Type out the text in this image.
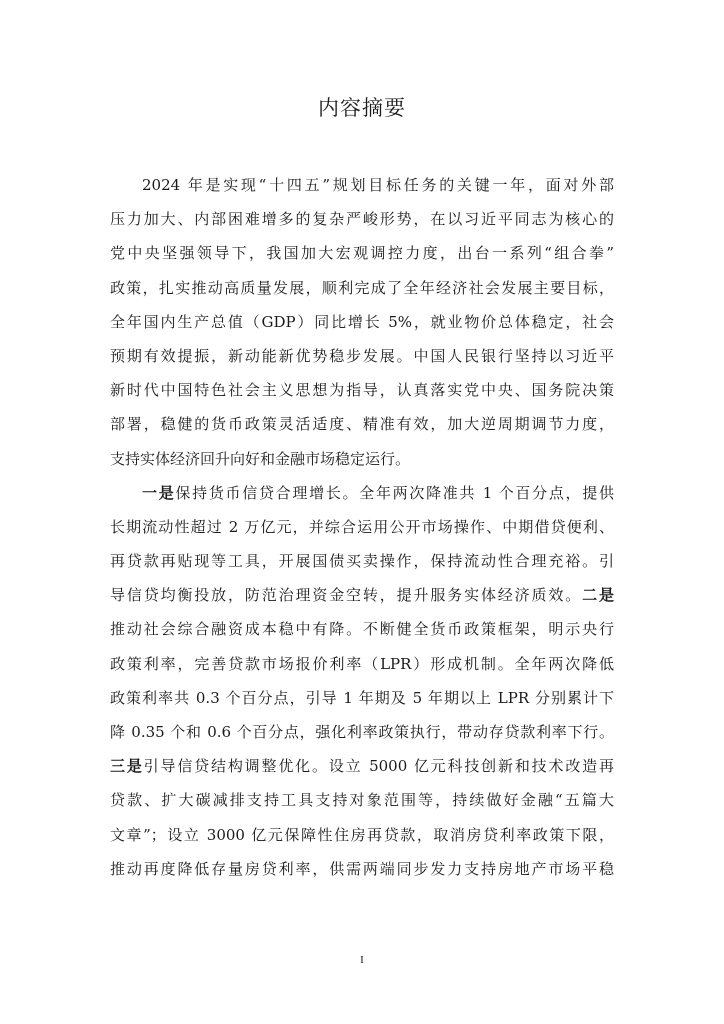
内容摘要
2024 年是实现“十四五”规划目标任务的关键一年，面对外部
压力加大、内部困难增多的复杂严峻形势，在以习近平同志为核心的
党中央坚强领导下，我国加大宏观调控力度，出台一系列“组合拳”
政策，扎实推动高质量发展，顺利完成了全年经济社会发展主要目标，
全年国内生产总值（GDP）同比增长 5%，就业物价总体稳定，社会
预期有效提振，新动能新优势稳步发展。中国人民银行坚持以习近平
新时代中国特色社会主义思想为指导，认真落实党中央、国务院决策
部署，稳健的货币政策灵活适度、精准有效，加大逆周期调节力度，
支持实体经济回升向好和金融市场稳定运行。
一是保持货币信贷合理增长。全年两次降准共 1 个百分点，提供
长期流动性超过 2 万亿元，并综合运用公开市场操作、中期借贷便利、
再贷款再贴现等工具，开展国债买卖操作，保持流动性合理充裕。引
导信贷均衡投放，防范治理资金空转，提升服务实体经济质效。二是
推动社会综合融资成本稳中有降。不断健全货币政策框架，明示央行
政策利率，完善贷款市场报价利率（LPR）形成机制。全年两次降低
政策利率共 0.3 个百分点，引导 1 年期及 5 年期以上 LPR 分别累计下
降 0.35 个和 0.6 个百分点，强化利率政策执行，带动存贷款利率下行。
三是引导信贷结构调整优化。设立 5000 亿元科技创新和技术改造再
贷款、扩大碳减排支持工具支持对象范围等，持续做好金融“五篇大
文章”；设立 3000 亿元保障性住房再贷款，取消房贷利率政策下限，
推动再度降低存量房贷利率，供需两端同步发力支持房地产市场平稳
I
